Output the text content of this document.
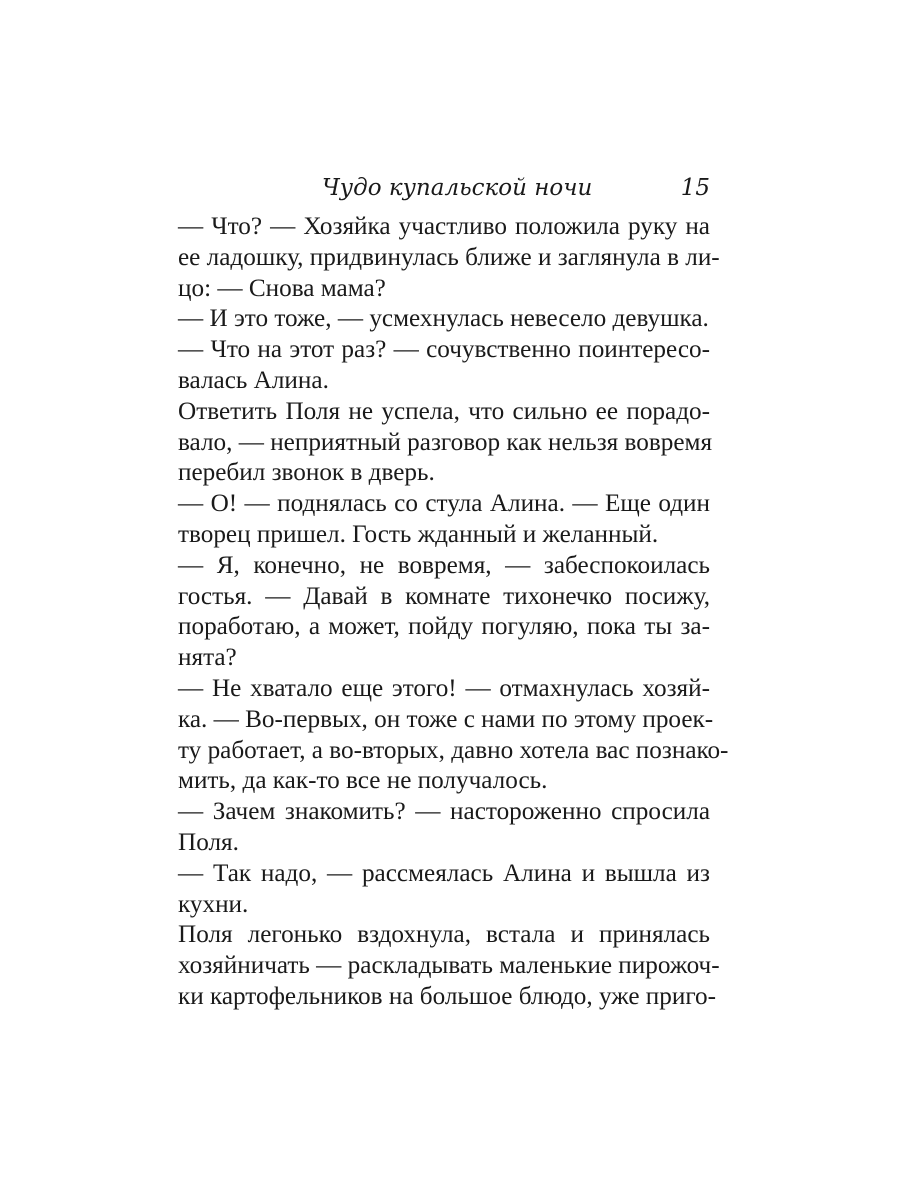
Чудо купальской ночи	15
— Что? — Хозяйка участливо положила руку на
ее ладошку, придвинулась ближе и заглянула в ли-
цо: — Снова мама?
— И это тоже, — усмехнулась невесело девушка.
— Что на этот раз? — сочувственно поинтересо-
валась Алина.
Ответить Поля не успела, что сильно ее порадо-
вало, — неприятный разговор как нельзя вовремя
перебил звонок в дверь.
— О! — поднялась со стула Алина. — Еще один
творец пришел. Гость жданный и желанный.
— Я, конечно, не вовремя, — забеспокоилась
гостья. — Давай в комнате тихонечко посижу,
поработаю, а может, пойду погуляю, пока ты за-
нята?
— Не хватало еще этого! — отмахнулась хозяй-
ка. — Во-первых, он тоже с нами по этому проек-
ту работает, а во-вторых, давно хотела вас познако-
мить, да как-то все не получалось.
— Зачем знакомить? — настороженно спросила
Поля.
— Так надо, — рассмеялась Алина и вышла из
кухни.
Поля легонько вздохнула, встала и принялась
хозяйничать — раскладывать маленькие пирожоч-
ки картофельников на большое блюдо, уже приго-
